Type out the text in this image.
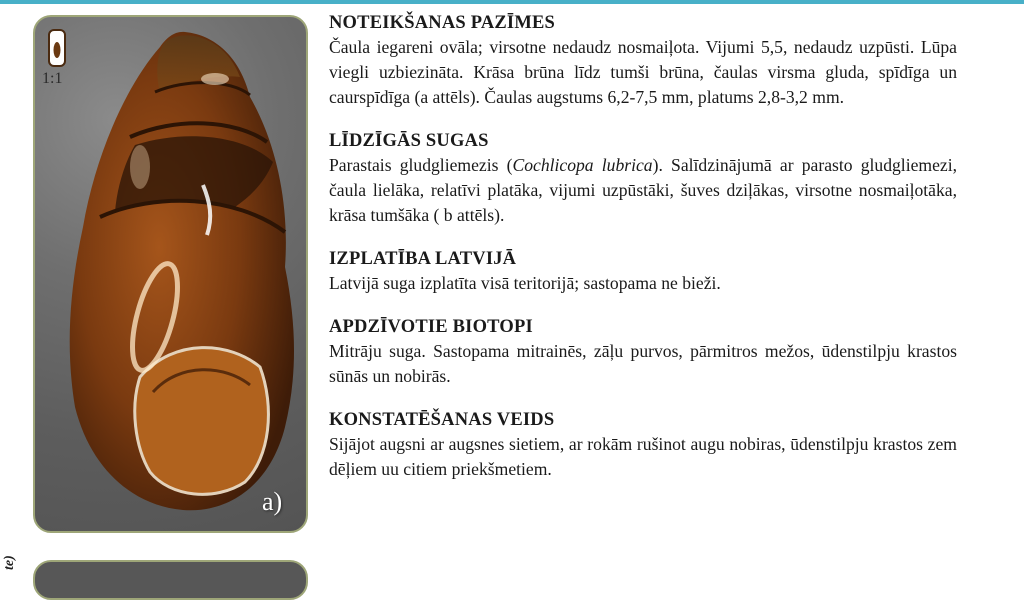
1:1
a)
te)
NOTEIKŠANAS PAZĪMES

Čaula iegareni ovāla; virsotne nedaudz nosmaiļota. Vijumi 5,5, nedaudz uzpūsti. Lūpa viegli uzbiezināta. Krāsa brūna līdz tumši brūna, čaulas virsma gluda, spīdīga un caurspīdīga (a attēls). Čaulas augstums 6,2-7,5 mm, platums 2,8-3,2 mm.

LĪDZĪGĀS SUGAS

Parastais gludgliemezis (Cochlicopa lubrica). Salīdzinājumā ar parasto gludgliemezi, čaula lielāka, relatīvi platāka, vijumi uzpūstāki, šuves dziļākas, virsotne nosmaiļotāka, krāsa tumšāka ( b attēls).

IZPLATĪBA LATVIJĀ

Latvijā suga izplatīta visā teritorijā; sastopama ne bieži.

APDZĪVOTIE BIOTOPI

Mitrāju suga. Sastopama mitrainēs, zāļu purvos, pārmitros mežos, ūdenstilpju krastos sūnās un nobirās.

KONSTATĒŠANAS VEIDS

Sijājot augsni ar augsnes sietiem, ar rokām rušinot augu nobiras, ūdenstilpju krastos zem dēļiem uu citiem priekšmetiem.
